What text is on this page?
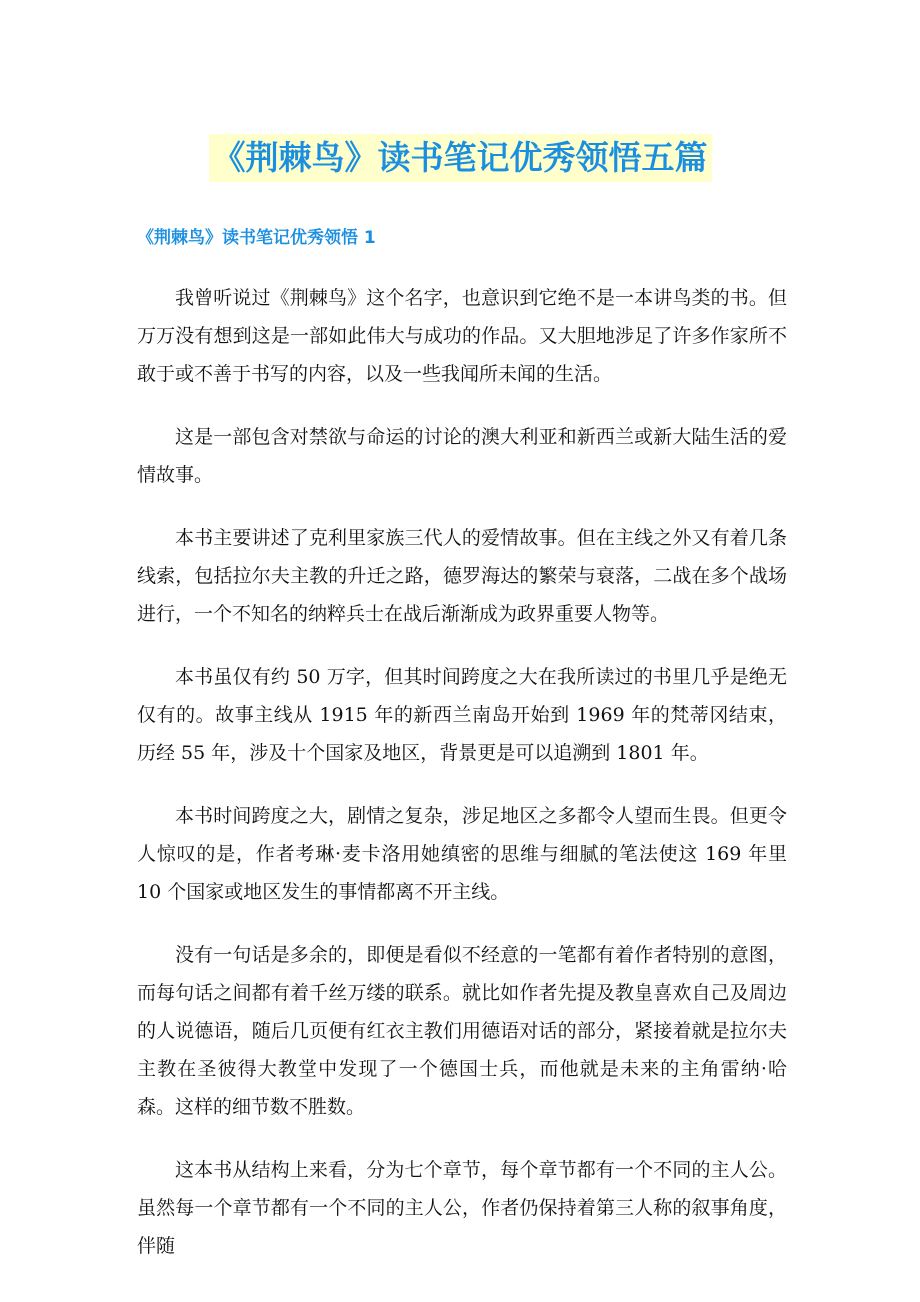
《荆棘鸟》读书笔记优秀领悟五篇
《荆棘鸟》读书笔记优秀领悟 1

我曾听说过《荆棘鸟》这个名字，也意识到它绝不是一本讲鸟类的书。但万万没有想到这是一部如此伟大与成功的作品。又大胆地涉足了许多作家所不敢于或不善于书写的内容，以及一些我闻所未闻的生活。

这是一部包含对禁欲与命运的讨论的澳大利亚和新西兰或新大陆生活的爱情故事。

本书主要讲述了克利里家族三代人的爱情故事。但在主线之外又有着几条线索，包括拉尔夫主教的升迁之路，德罗海达的繁荣与衰落，二战在多个战场进行，一个不知名的纳粹兵士在战后渐渐成为政界重要人物等。

本书虽仅有约 50 万字，但其时间跨度之大在我所读过的书里几乎是绝无仅有的。故事主线从 1915 年的新西兰南岛开始到 1969 年的梵蒂冈结束，历经 55 年，涉及十个国家及地区，背景更是可以追溯到 1801 年。

本书时间跨度之大，剧情之复杂，涉足地区之多都令人望而生畏。但更令人惊叹的是，作者考琳·麦卡洛用她缜密的思维与细腻的笔法使这 169 年里 10 个国家或地区发生的事情都离不开主线。

没有一句话是多余的，即便是看似不经意的一笔都有着作者特别的意图，而每句话之间都有着千丝万缕的联系。就比如作者先提及教皇喜欢自己及周边的人说德语，随后几页便有红衣主教们用德语对话的部分，紧接着就是拉尔夫主教在圣彼得大教堂中发现了一个德国士兵，而他就是未来的主角雷纳·哈森。这样的细节数不胜数。

这本书从结构上来看，分为七个章节，每个章节都有一个不同的主人公。虽然每一个章节都有一个不同的主人公，作者仍保持着第三人称的叙事角度，伴随
